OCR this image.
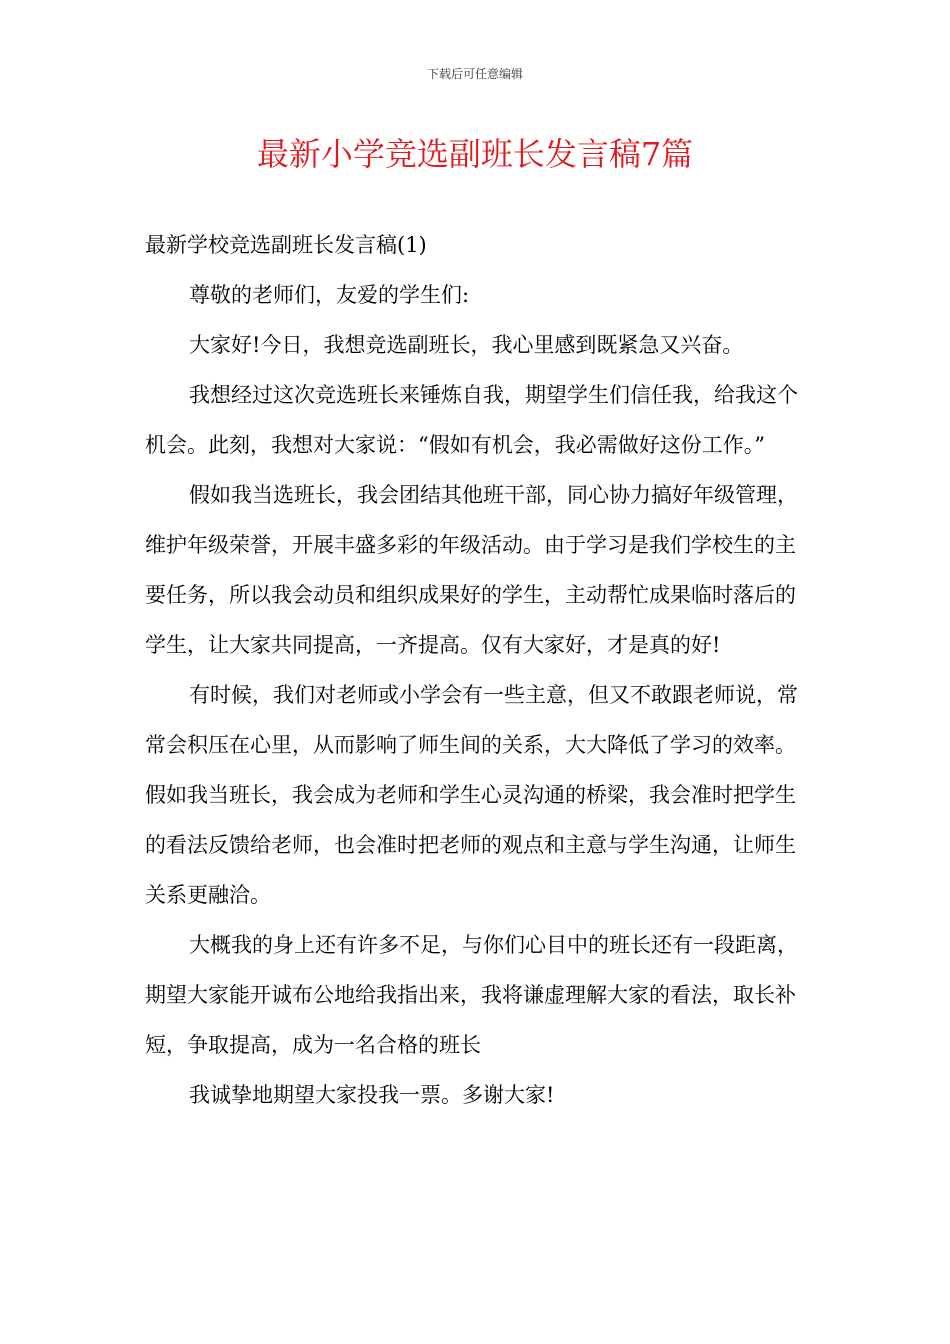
下载后可任意编辑
最新小学竞选副班长发言稿7篇

最新学校竞选副班长发言稿(1)

尊敬的老师们，友爱的学生们:

大家好!今日，我想竞选副班长，我心里感到既紧急又兴奋。

我想经过这次竞选班长来锤炼自我，期望学生们信任我，给我这个机会。此刻，我想对大家说：“假如有机会，我必需做好这份工作。”

假如我当选班长，我会团结其他班干部，同心协力搞好年级管理，维护年级荣誉，开展丰盛多彩的年级活动。由于学习是我们学校生的主要任务，所以我会动员和组织成果好的学生，主动帮忙成果临时落后的学生，让大家共同提高，一齐提高。仅有大家好，才是真的好!

有时候，我们对老师或小学会有一些主意，但又不敢跟老师说，常常会积压在心里，从而影响了师生间的关系，大大降低了学习的效率。假如我当班长，我会成为老师和学生心灵沟通的桥梁，我会准时把学生的看法反馈给老师，也会准时把老师的观点和主意与学生沟通，让师生关系更融洽。

大概我的身上还有许多不足，与你们心目中的班长还有一段距离，期望大家能开诚布公地给我指出来，我将谦虚理解大家的看法，取长补短，争取提高，成为一名合格的班长

我诚挚地期望大家投我一票。多谢大家!
